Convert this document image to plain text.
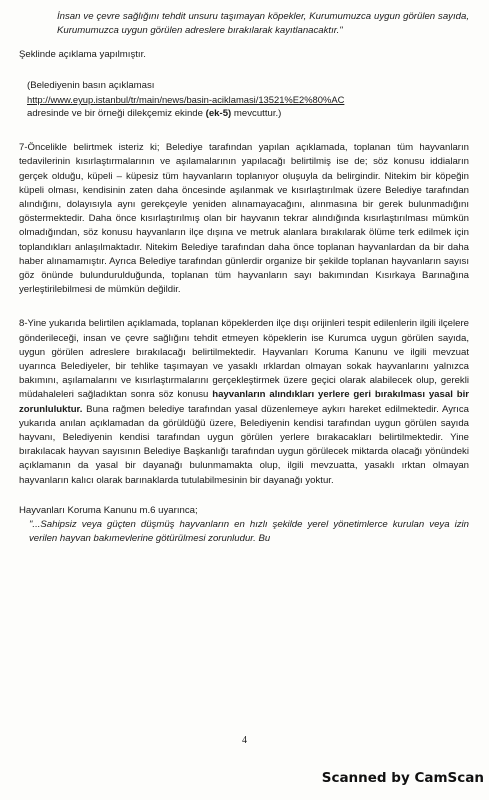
İnsan ve çevre sağlığını tehdit unsuru taşımayan köpekler, Kurumumuzca uygun görülen sayıda, Kurumumuzca uygun görülen adreslere bırakılarak kayıtlanacaktır."

Şeklinde açıklama yapılmıştır.

(Belediyenin basın açıklaması
http://www.eyup.istanbul/tr/main/news/basin-aciklamasi/13521%E2%80%AC
adresinde ve bir örneği dilekçemiz ekinde (ek-5) mevcuttur.)

7-Öncelikle belirtmek isteriz ki; Belediye tarafından yapılan açıklamada, toplanan tüm hayvanların tedavilerinin kısırlaştırmalarının ve aşılamalarının yapılacağı belirtilmiş ise de; söz konusu iddiaların gerçek olduğu, küpeli – küpesiz tüm hayvanların toplanıyor oluşuyla da belirgindir. Nitekim bir köpeğin küpeli olması, kendisinin zaten daha öncesinde aşılanmak ve kısırlaştırılmak üzere Belediye tarafından alındığını, dolayısıyla aynı gerekçeyle yeniden alınamayacağını, alınmasına bir gerek bulunmadığını göstermektedir. Daha önce kısırlaştırılmış olan bir hayvanın tekrar alındığında kısırlaştırılması mümkün olmadığından, söz konusu hayvanların ilçe dışına ve metruk alanlara bırakılarak ölüme terk edilmek için toplandıkları anlaşılmaktadır. Nitekim Belediye tarafından daha önce toplanan hayvanlardan da bir daha haber alınamamıştır. Ayrıca Belediye tarafından günlerdir organize bir şekilde toplanan hayvanların sayısı göz önünde bulundurulduğunda, toplanan tüm hayvanların sayı bakımından Kısırkaya Barınağına yerleştirilebilmesi de mümkün değildir.

8-Yine yukarıda belirtilen açıklamada, toplanan köpeklerden ilçe dışı orijinleri tespit edilenlerin ilgili ilçelere gönderileceği, insan ve çevre sağlığını tehdit etmeyen köpeklerin ise Kurumca uygun görülen sayıda, uygun görülen adreslere bırakılacağı belirtilmektedir. Hayvanları Koruma Kanunu ve ilgili mevzuat uyarınca Belediyeler, bir tehlike taşımayan ve yasaklı ırklardan olmayan sokak hayvanlarını yalnızca bakımını, aşılamalarını ve kısırlaştırmalarını gerçekleştirmek üzere geçici olarak alabilecek olup, gerekli müdahaleleri sağladıktan sonra söz konusu hayvanların alındıkları yerlere geri bırakılması yasal bir zorunluluktur. Buna rağmen belediye tarafından yasal düzenlemeye aykırı hareket edilmektedir. Ayrıca yukarıda anılan açıklamadan da görüldüğü üzere, Belediyenin kendisi tarafından uygun görülen sayıda hayvanı, Belediyenin kendisi tarafından uygun görülen yerlere bırakacakları belirtilmektedir. Yine bırakılacak hayvan sayısının Belediye Başkanlığı tarafından uygun görülecek miktarda olacağı yönündeki açıklamanın da yasal bir dayanağı bulunmamakta olup, ilgili mevzuatta, yasaklı ırktan olmayan hayvanların kalıcı olarak barınaklarda tutulabilmesinin bir dayanağı yoktur.

Hayvanları Koruma Kanunu m.6 uyarınca;

"...Sahipsiz veya güçten düşmüş hayvanların en hızlı şekilde yerel yönetimlerce kurulan veya izin verilen hayvan bakımevlerine götürülmesi zorunludur. Bu

4
Scanned by CamScan
